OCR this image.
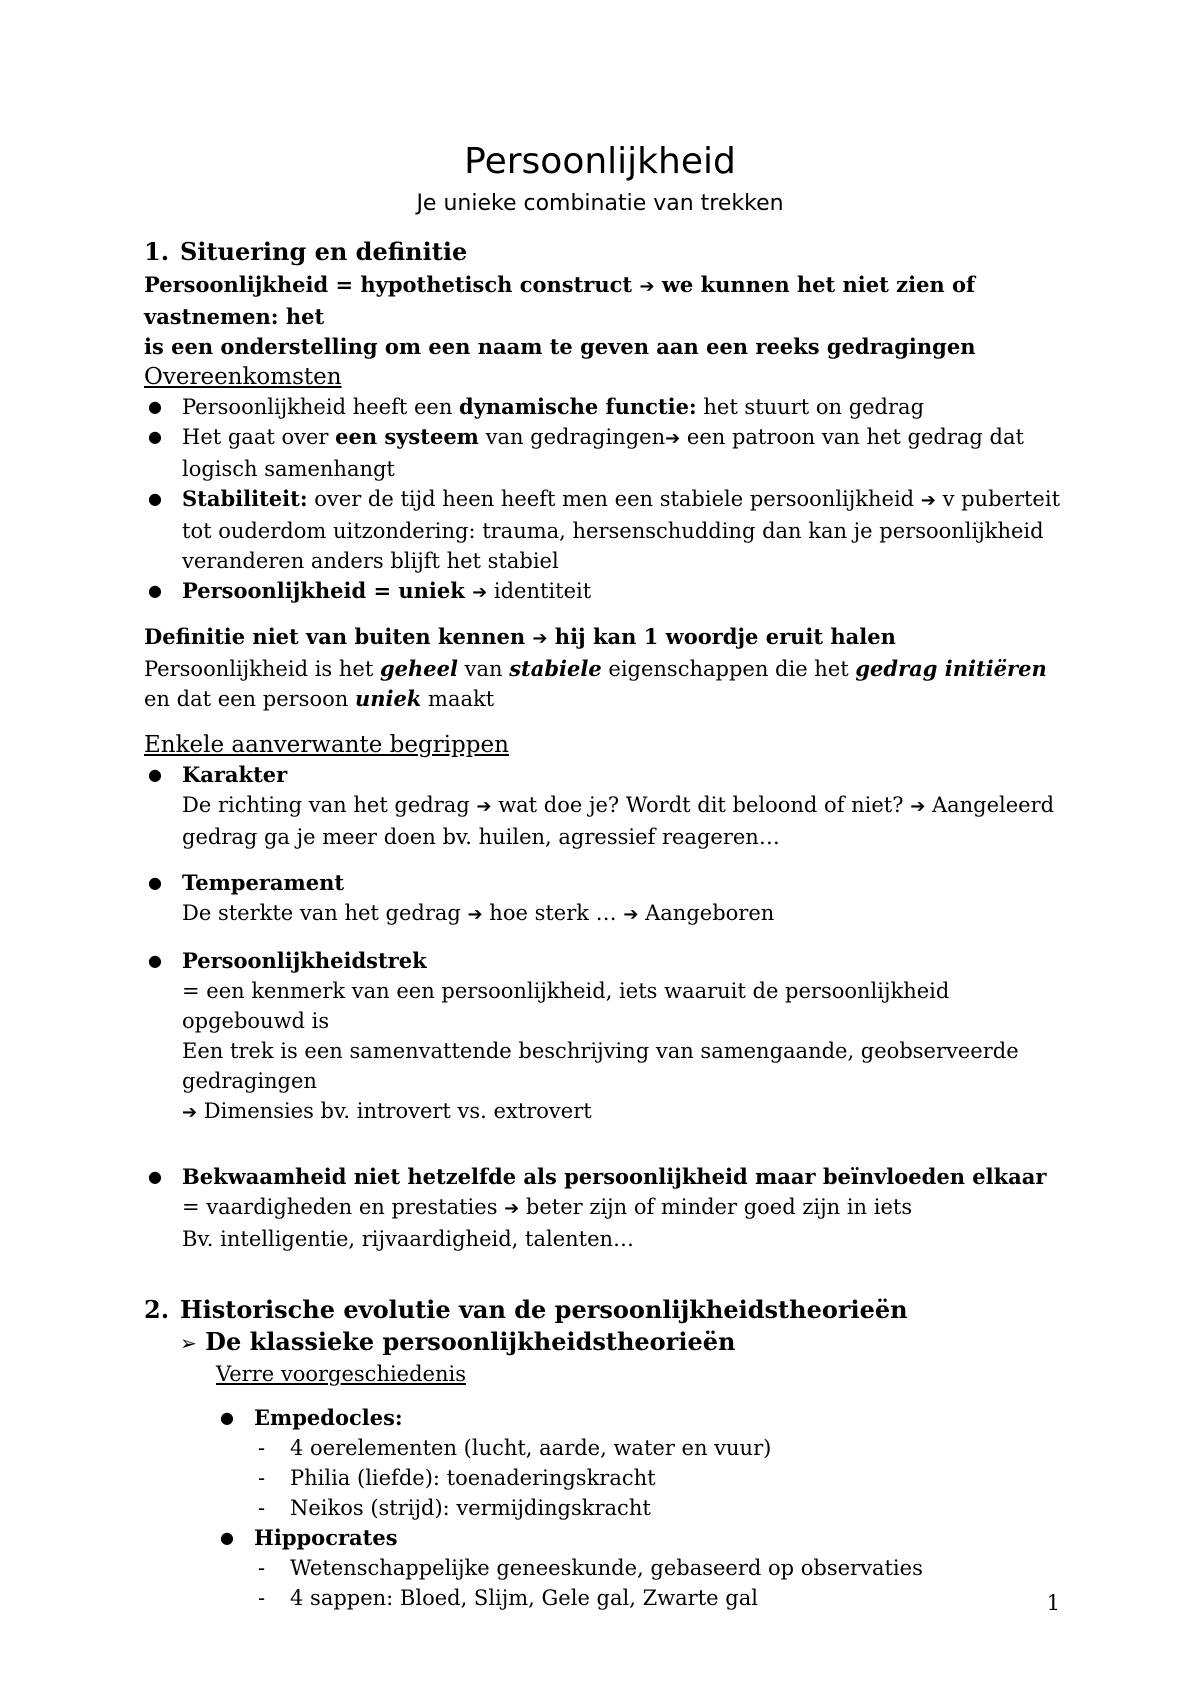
Persoonlijkheid
Je unieke combinatie van trekken

1. Situering en definitie

Persoonlijkheid = hypothetisch construct ➔ we kunnen het niet zien of vastnemen: het
is een onderstelling om een naam te geven aan een reeks gedragingen

Overeenkomsten

● Persoonlijkheid heeft een dynamische functie: het stuurt on gedrag
● Het gaat over een systeem van gedragingen➔ een patroon van het gedrag dat logisch samenhangt
● Stabiliteit: over de tijd heen heeft men een stabiele persoonlijkheid ➔ v puberteit tot ouderdom uitzondering: trauma, hersenschudding dan kan je persoonlijkheid veranderen anders blijft het stabiel
● Persoonlijkheid = uniek ➔ identiteit

Definitie niet van buiten kennen ➔ hij kan 1 woordje eruit halen

Persoonlijkheid is het geheel van stabiele eigenschappen die het gedrag initiëren en dat een persoon uniek maakt

Enkele aanverwante begrippen

● Karakter
De richting van het gedrag ➔ wat doe je? Wordt dit beloond of niet? ➔ Aangeleerd gedrag ga je meer doen bv. huilen, agressief reageren…
● Temperament
De sterkte van het gedrag ➔ hoe sterk … ➔ Aangeboren
● Persoonlijkheidstrek
= een kenmerk van een persoonlijkheid, iets waaruit de persoonlijkheid opgebouwd is
Een trek is een samenvattende beschrijving van samengaande, geobserveerde gedragingen
➔ Dimensies bv. introvert vs. extrovert
● Bekwaamheid niet hetzelfde als persoonlijkheid maar beïnvloeden elkaar
= vaardigheden en prestaties ➔ beter zijn of minder goed zijn in iets
Bv. intelligentie, rijvaardigheid, talenten…

2. Historische evolutie van de persoonlijkheidstheorieën

➢ De klassieke persoonlijkheidstheorieën

Verre voorgeschiedenis

● Empedocles:
- 4 oerelementen (lucht, aarde, water en vuur)
- Philia (liefde): toenaderingskracht
- Neikos (strijd): vermijdingskracht
● Hippocrates
- Wetenschappelijke geneeskunde, gebaseerd op observaties
- 4 sappen: Bloed, Slijm, Gele gal, Zwarte gal	1
